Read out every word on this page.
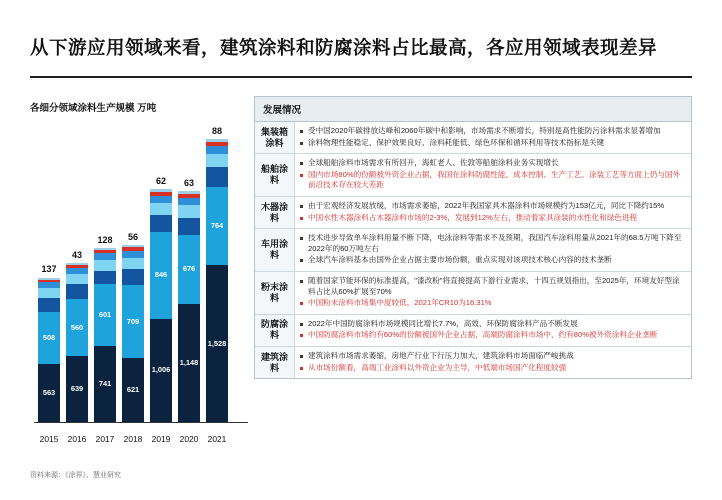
从下游应用领域来看，建筑涂料和防腐涂料占比最高，各应用领域表现差异
各细分领域涂料生产规模 万吨
137
508
563
43
560
639
128
601
741
56
709
621
62
846
1,006
63
676
1,148
88
764
1,528
2015 2016 2017 2018 2019 2020 2021
资料来源：《涂界》、慧业研究
发展情况
集装箱涂料
受中国2020年碳排放达峰和2060年碳中和影响，市场需求不断增长，特别是高性能防污涂料需求显著增加
涂料物理性能稳定、保护效果良好、涂料耗能低、绿色环保和循环利用等技术指标是关键
船舶涂料
全球船舶涂料市场需求有所回升，海虹老人、佐敦等船舶涂料业务实现增长
国内市场80%的份额被外资企业占据，我国在涂料防腐性能、成本控制、生产工艺、涂装工艺等方面上仍与国外前沿技术存在较大差距
木器涂料
由于宏观经济发展放缓，市场需求萎缩，2022年我国家具木器涂料市场规模约为153亿元，同比下降约15%
中国水性木器涂料占木器涂料市场的2-3%，发展到12%左右，推动着家具涂装的水性化和绿色进程
车用涂料
技术进步导致单车涂料用量不断下降，电泳涂料等需求不及预期，我国汽车涂料用量从2021年的68.5万吨下降至2022年的60万吨左右
全球汽车涂料基本由国外企业占据主要市场份额，重点实现对该项技术核心内容的技术垄断
粉末涂料
随着国家节能环保的标准提高，"漆改粉"将直接提高下游行业需求，十四五规划指出，至2025年，环境友好型涂料占比从60%扩展至70%
中国粉末涂料市场集中度较低，2021年CR10为16.31%
防腐涂料
2022年中国防腐涂料市场规模同比增长7.7%，高效、环保防腐涂料产品不断发展
中国防腐涂料市场约有60%的份额被国外企业占据，高端防腐涂料市场中，约有80%被外资涂料企业垄断
建筑涂料
建筑涂料市场需求萎缩，房地产行业下行压力加大，建筑涂料市场面临严峻挑战
从市场份额看，高端工业涂料以外资企业为主导，中低端市场国产化程度较强
